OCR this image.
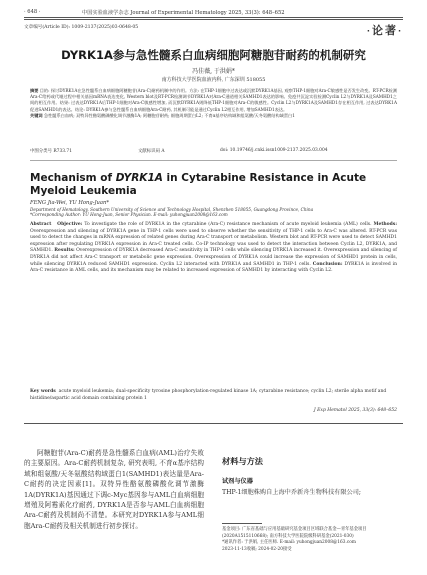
· 648 ·	中国实验血液学杂志 Journal of Experimental Hematology 2025, 33(3): 648–652
文章编号(Article ID): 1009-2137(2025)03-0648-05	·论著·
DYRK1A参与急性髓系白血病细胞阿糖胞苷耐药的机制研究
冯佳薇, 于洪娟*
南方科技大学医院血液内科, 广东深圳 518055

摘要 目的: 探讨DYRK1A在急性髓系白血病细胞阿糖胞苷(Ara-C)耐药机制中的作用。方法: 在THP-1细胞中过表达或沉默DYRK1A基因, 观察THP-1细胞对Ara-C敏感性是否发生改变。RT-PCR检测Ara-C给药或代谢过程中相关基因mRNA表达变化, Western blot及RT-PCR检测调节DYRK1A对Ara-C通道相关SAMHD1表达的影响。免疫共沉淀实验检测Cyclin L2与DYRK1A及SAMHD1之间的相互作用。结果: 过表达DYRK1A后THP-1细胞对Ara-C敏感性增加, 而沉默DYRK1A则降低THP-1细胞对Ara-C的敏感性。Cyclin L2与DYRK1A及SAMHD1存在相互作用, 过表达DYRK1A促进SAMHD1的表达。结论: DYRK1A参与急性髓系白血病细胞Ara-C耐药, 其机制可能是通过Cyclin L2相互作用, 增加SAMHD1表达。

关键词 急性髓系白血病; 双特异性酪氨酸磷酸化调节激酶1A; 阿糖胞苷耐药; 细胞周期蛋白L2; 不育α基序结构域和组氨酸/天冬氨酸结构域蛋白1

中图分类号 R733.71	文献标识码 A	doi: 10.19746/j.cnki.issn1009-2137.2025.03.004
Mechanism of DYRK1A in Cytarabine Resistance in Acute Myeloid Leukemia
FENG Jia-Wei, YU Hong-Juan*
Department of Hematology, Southern University of Science and Technology Hospital, Shenzhen 518055, Guangdong Province, China
*Corresponding Author: YU Hong-Juan, Senior Physician. E-mail: yuhongjuan2008@163.com

Abstract Objective: To investigate the role of DYRK1A in the cytarabine (Ara-C) resistance mechanism of acute myeloid leukemia (AML) cells. Methods: Overexpression and silencing of DYRK1A gene in THP-1 cells were used to observe whether the sensitivity of THP-1 cells to Ara-C was altered. RT-PCR was used to detect the changes in mRNA expression of related genes during Ara-C transport or metabolism. Western blot and RT-PCR were used to detect SAMHD1 expression after regulating DYRK1A expression in Ara-C treated cells. Co-IP technology was used to detect the interaction between Cyclin L2, DYRK1A, and SAMHD1. Results: Overexpression of DYRK1A decreased Ara-C sensitivity in THP-1 cells while silencing DYRK1A increased it. Overexpression and silencing of DYRK1A did not affect Ara-C transport or metabolic gene expression. Overexpression of DYRK1A could increase the expression of SAMHD1 protein in cells, while silencing DYRK1A reduced SAMHD1 expression. Cyclin L2 interacted with DYRK1A and SAMHD1 in THP-1 cells. Conclusion: DYRK1A is involved in Ara-C resistance in AML cells, and its mechanism may be related to increased expression of SAMHD1 by interacting with Cyclin L2.

Key words acute myeloid leukemia; dual-specificity tyrosine phosphorylation-regulated kinase 1A; cytarabine resistance; cyclin L2; sterile alpha motif and histidine/aspartic acid domain containing protein 1
J Exp Hematol 2025, 33(3): 648–652

阿糖胞苷(Ara-C)耐药是急性髓系白血病(AML)治疗失败的主要原因。Ara-C耐药机制复杂, 研究表明, 不育α基序结构域和组氨酸/天冬氨酸结构域蛋白1(SAMHD1)表达量是Ara-C耐药的决定因素[1]。双特异性酪氨酸磷酸化调节激酶1A(DYRK1A)基因通过下调c-Myc基因参与AML白血病细胞增殖及阿霉素化疗耐药, DYRK1A是否参与AML白血病细胞Ara-C耐药及机制尚不清楚。本研究对DYRK1A参与AML细胞Ara-C耐药及相关机制进行初步探讨。

材料与方法
试剂与仪器
THP-1细胞株购自上海中乔新舟生物科技有限公司;
基金项目: 广东省基础与应用基础研究基金项目区域联合基金—青年基金项目(2020A1515110668); 南方科技大学医院院级科研基金(2021-030)
*通讯作者: 于洪娟, 主任医师. E-mail: yuhongjuan2008@163.com
2023-11-13收稿; 2024-02-20接受
